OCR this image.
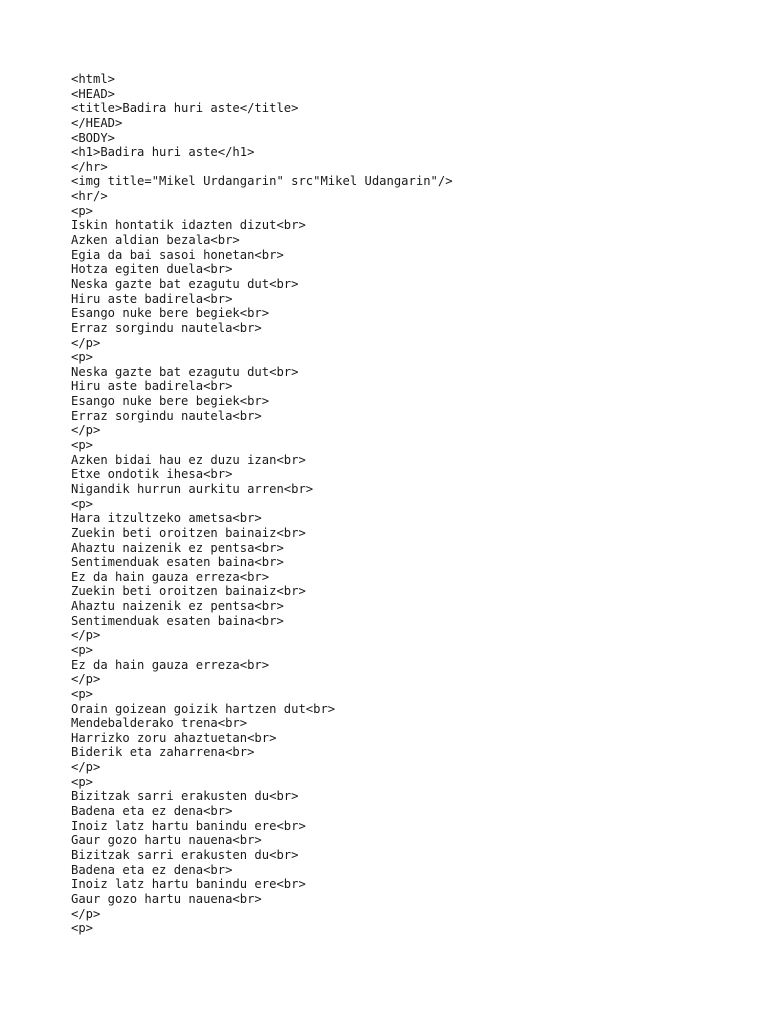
<html>
<HEAD>
<title>Badira huri aste</title>
</HEAD>
<BODY>
<h1>Badira huri aste</h1>
</hr>
<img title="Mikel Urdangarin" src"Mikel Udangarin"/>
<hr/>
<p>
Iskin hontatik idazten dizut<br>
Azken aldian bezala<br>
Egia da bai sasoi honetan<br>
Hotza egiten duela<br>
Neska gazte bat ezagutu dut<br>
Hiru aste badirela<br>
Esango nuke bere begiek<br>
Erraz sorgindu nautela<br>
</p>
<p>
Neska gazte bat ezagutu dut<br>
Hiru aste badirela<br>
Esango nuke bere begiek<br>
Erraz sorgindu nautela<br>
</p>
<p>
Azken bidai hau ez duzu izan<br>
Etxe ondotik ihesa<br>
Nigandik hurrun aurkitu arren<br>
<p>
Hara itzultzeko ametsa<br>
Zuekin beti oroitzen bainaiz<br>
Ahaztu naizenik ez pentsa<br>
Sentimenduak esaten baina<br>
Ez da hain gauza erreza<br>
Zuekin beti oroitzen bainaiz<br>
Ahaztu naizenik ez pentsa<br>
Sentimenduak esaten baina<br>
</p>
<p>
Ez da hain gauza erreza<br>
</p>
<p>
Orain goizean goizik hartzen dut<br>
Mendebalderako trena<br>
Harrizko zoru ahaztuetan<br>
Biderik eta zaharrena<br>
</p>
<p>
Bizitzak sarri erakusten du<br>
Badena eta ez dena<br>
Inoiz latz hartu banindu ere<br>
Gaur gozo hartu nauena<br>
Bizitzak sarri erakusten du<br>
Badena eta ez dena<br>
Inoiz latz hartu banindu ere<br>
Gaur gozo hartu nauena<br>
</p>
<p>
